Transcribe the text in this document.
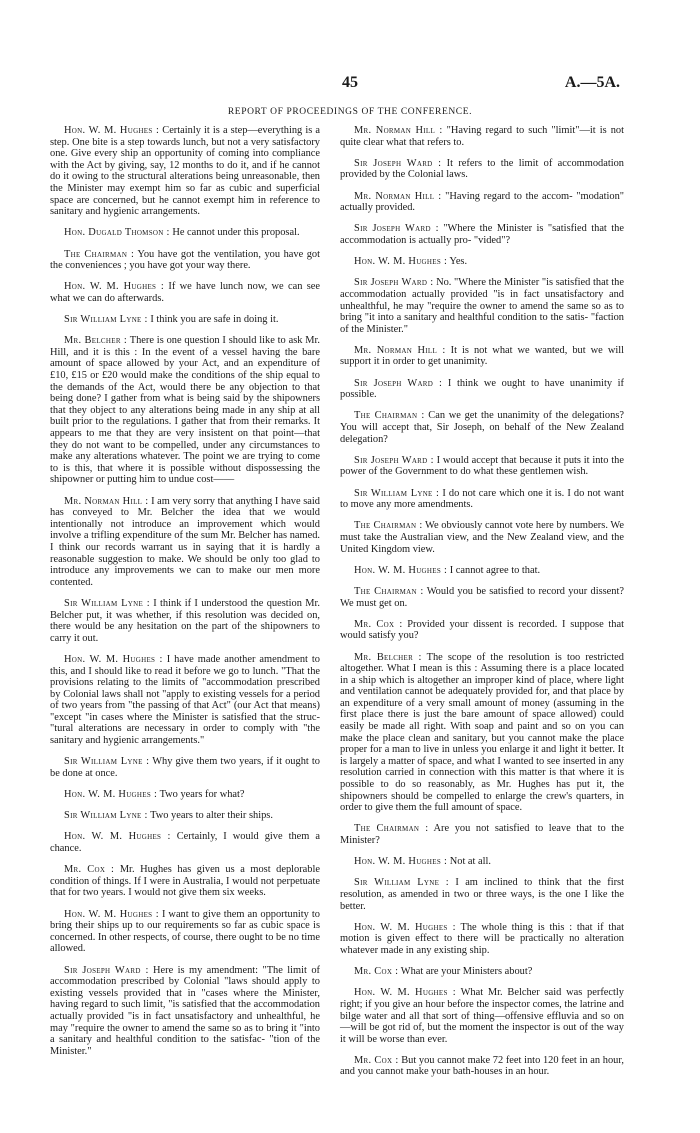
45	A.—5A.
REPORT OF PROCEEDINGS OF THE CONFERENCE.

Hon. W. M. Hughes : Certainly it is a step—everything is a step. One bite is a step towards lunch, but not a very satisfactory one. Give every ship an opportunity of coming into compliance with the Act by giving, say, 12 months to do it, and if he cannot do it owing to the structural alterations being unreasonable, then the Minister may exempt him so far as cubic and superficial space are concerned, but he cannot exempt him in reference to sanitary and hygienic arrangements.

Hon. Dugald Thomson : He cannot under this proposal.

The Chairman : You have got the ventilation, you have got the conveniences ; you have got your way there.

Hon. W. M. Hughes : If we have lunch now, we can see what we can do afterwards.

Sir William Lyne : I think you are safe in doing it.

Mr. Belcher : There is one question I should like to ask Mr. Hill, and it is this : In the event of a vessel having the bare amount of space allowed by your Act, and an expenditure of £10, £15 or £20 would make the conditions of the ship equal to the demands of the Act, would there be any objection to that being done? I gather from what is being said by the shipowners that they object to any alterations being made in any ship at all built prior to the regulations. I gather that from their remarks. It appears to me that they are very insistent on that point—that they do not want to be compelled, under any circumstances to make any alterations whatever. The point we are trying to come to is this, that where it is possible without dispossessing the shipowner or putting him to undue cost——

Mr. Norman Hill : I am very sorry that anything I have said has conveyed to Mr. Belcher the idea that we would intentionally not introduce an improvement which would involve a trifling expenditure of the sum Mr. Belcher has named. I think our records warrant us in saying that it is hardly a reasonable suggestion to make. We should be only too glad to introduce any improvements we can to make our men more contented.

Sir William Lyne : I think if I understood the question Mr. Belcher put, it was whether, if this resolution was decided on, there would be any hesitation on the part of the shipowners to carry it out.

Hon. W. M. Hughes : I have made another amendment to this, and I should like to read it before we go to lunch. "That the provisions relating to the limits of "accommodation prescribed by Colonial laws shall not "apply to existing vessels for a period of two years from "the passing of that Act" (our Act that means) "except "in cases where the Minister is satisfied that the struc- "tural alterations are necessary in order to comply with "the sanitary and hygienic arrangements."

Sir William Lyne : Why give them two years, if it ought to be done at once.

Hon. W. M. Hughes : Two years for what?

Sir William Lyne : Two years to alter their ships.

Hon. W. M. Hughes : Certainly, I would give them a chance.

Mr. Cox : Mr. Hughes has given us a most deplorable condition of things. If I were in Australia, I would not perpetuate that for two years. I would not give them six weeks.

Hon. W. M. Hughes : I want to give them an opportunity to bring their ships up to our requirements so far as cubic space is concerned. In other respects, of course, there ought to be no time allowed.

Sir Joseph Ward : Here is my amendment: "The limit of accommodation prescribed by Colonial "laws should apply to existing vessels provided that in "cases where the Minister, having regard to such limit, "is satisfied that the accommodation actually provided "is in fact unsatisfactory and unhealthful, he may "require the owner to amend the same so as to bring it "into a sanitary and healthful condition to the satisfac- "tion of the Minister."

Mr. Norman Hill : "Having regard to such "limit"—it is not quite clear what that refers to.

Sir Joseph Ward : It refers to the limit of accommodation provided by the Colonial laws.

Mr. Norman Hill : "Having regard to the accom- "modation" actually provided.

Sir Joseph Ward : "Where the Minister is "satisfied that the accommodation is actually pro- "vided"?

Hon. W. M. Hughes : Yes.

Sir Joseph Ward : No. "Where the Minister "is satisfied that the accommodation actually provided "is in fact unsatisfactory and unhealthful, he may "require the owner to amend the same so as to bring "it into a sanitary and healthful condition to the satis- "faction of the Minister."

Mr. Norman Hill : It is not what we wanted, but we will support it in order to get unanimity.

Sir Joseph Ward : I think we ought to have unanimity if possible.

The Chairman : Can we get the unanimity of the delegations? You will accept that, Sir Joseph, on behalf of the New Zealand delegation?

Sir Joseph Ward : I would accept that because it puts it into the power of the Government to do what these gentlemen wish.

Sir William Lyne : I do not care which one it is. I do not want to move any more amendments.

The Chairman : We obviously cannot vote here by numbers. We must take the Australian view, and the New Zealand view, and the United Kingdom view.

Hon. W. M. Hughes : I cannot agree to that.

The Chairman : Would you be satisfied to record your dissent? We must get on.

Mr. Cox : Provided your dissent is recorded. I suppose that would satisfy you?

Mr. Belcher : The scope of the resolution is too restricted altogether. What I mean is this : Assuming there is a place located in a ship which is altogether an improper kind of place, where light and ventilation cannot be adequately provided for, and that place by an expenditure of a very small amount of money (assuming in the first place there is just the bare amount of space allowed) could easily be made all right. With soap and paint and so on you can make the place clean and sanitary, but you cannot make the place proper for a man to live in unless you enlarge it and light it better. It is largely a matter of space, and what I wanted to see inserted in any resolution carried in connection with this matter is that where it is possible to do so reasonably, as Mr. Hughes has put it, the shipowners should be compelled to enlarge the crew's quarters, in order to give them the full amount of space.

The Chairman : Are you not satisfied to leave that to the Minister?

Hon. W. M. Hughes : Not at all.

Sir William Lyne : I am inclined to think that the first resolution, as amended in two or three ways, is the one I like the better.

Hon. W. M. Hughes : The whole thing is this : that if that motion is given effect to there will be practically no alteration whatever made in any existing ship.

Mr. Cox : What are your Ministers about?

Hon. W. M. Hughes : What Mr. Belcher said was perfectly right; if you give an hour before the inspector comes, the latrine and bilge water and all that sort of thing—offensive effluvia and so on—will be got rid of, but the moment the inspector is out of the way it will be worse than ever.

Mr. Cox : But you cannot make 72 feet into 120 feet in an hour, and you cannot make your bath-houses in an hour.
